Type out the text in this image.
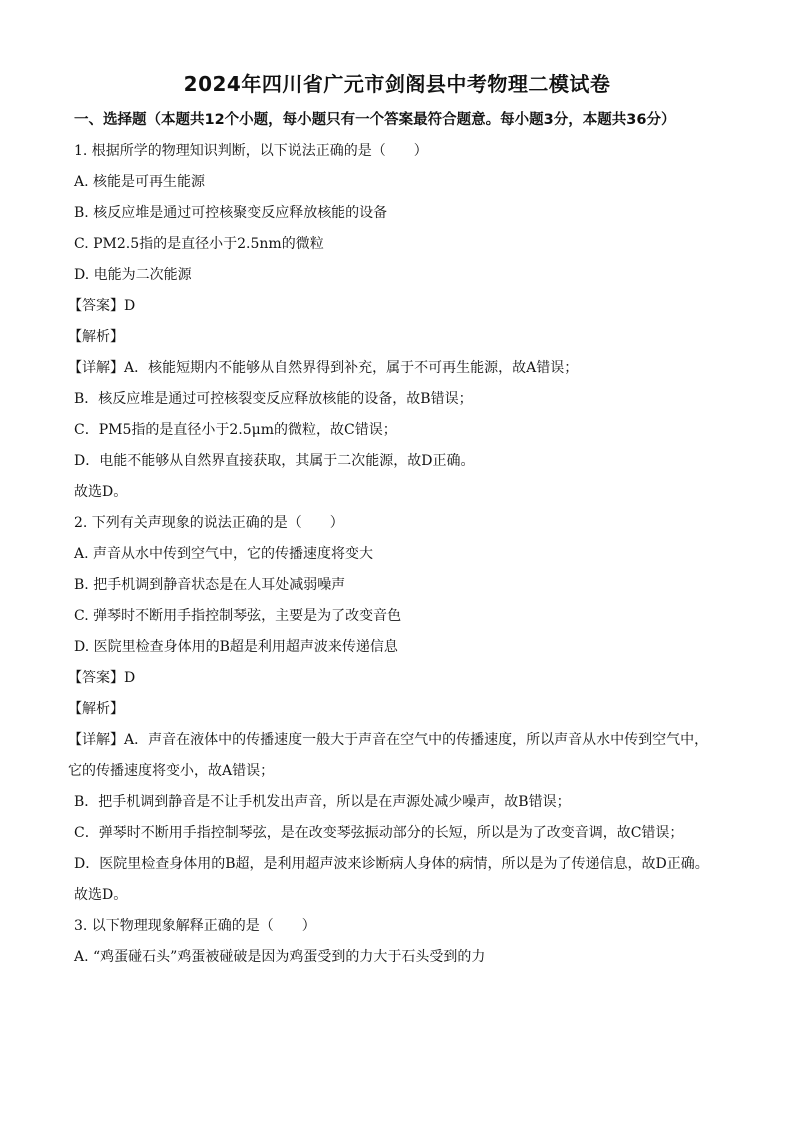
2024年四川省广元市剑阁县中考物理二模试卷
一、选择题（本题共12个小题，每小题只有一个答案最符合题意。每小题3分，本题共36分）
1. 根据所学的物理知识判断，以下说法正确的是（　　）
A. 核能是可再生能源
B. 核反应堆是通过可控核聚变反应释放核能的设备
C. PM2.5指的是直径小于2.5nm的微粒
D. 电能为二次能源
【答案】D
【解析】
【详解】A．核能短期内不能够从自然界得到补充，属于不可再生能源，故A错误；
B．核反应堆是通过可控核裂变反应释放核能的设备，故B错误；
C．PM5指的是直径小于2.5μm的微粒，故C错误；
D．电能不能够从自然界直接获取，其属于二次能源，故D正确。
故选D。
2. 下列有关声现象的说法正确的是（　　）
A. 声音从水中传到空气中，它的传播速度将变大
B. 把手机调到静音状态是在人耳处减弱噪声
C. 弹琴时不断用手指控制琴弦，主要是为了改变音色
D. 医院里检查身体用的B超是利用超声波来传递信息
【答案】D
【解析】
【详解】A．声音在液体中的传播速度一般大于声音在空气中的传播速度，所以声音从水中传到空气中，它的传播速度将变小，故A错误；
B．把手机调到静音是不让手机发出声音，所以是在声源处减少噪声，故B错误；
C．弹琴时不断用手指控制琴弦，是在改变琴弦振动部分的长短，所以是为了改变音调，故C错误；
D．医院里检查身体用的B超，是利用超声波来诊断病人身体的病情，所以是为了传递信息，故D正确。
故选D。
3. 以下物理现象解释正确的是（　　）
A. “鸡蛋碰石头”鸡蛋被碰破是因为鸡蛋受到的力大于石头受到的力
